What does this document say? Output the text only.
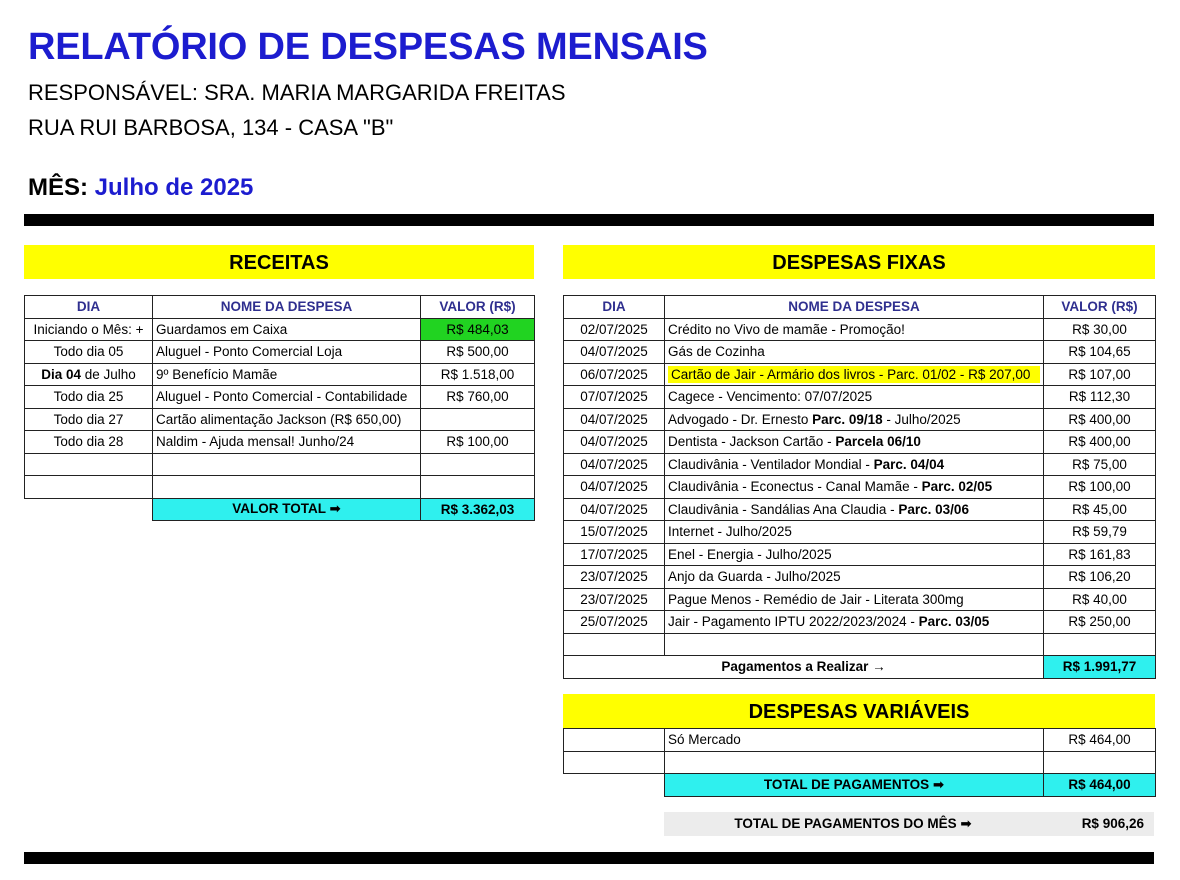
RELATÓRIO DE DESPESAS MENSAIS
RESPONSÁVEL: SRA. MARIA MARGARIDA FREITAS
RUA RUI BARBOSA, 134 - CASA "B"
MÊS: Julho de 2025
RECEITAS
DIA	NOME DA DESPESA	VALOR (R$)
Iniciando o Mês: +	Guardamos em Caixa	R$ 484,03
Todo dia 05	Aluguel - Ponto Comercial Loja	R$ 500,00
Dia 04 de Julho	9º Benefício Mamãe	R$ 1.518,00
Todo dia 25	Aluguel - Ponto Comercial - Contabilidade	R$ 760,00
Todo dia 27	Cartão alimentação Jackson (R$ 650,00)	
Todo dia 28	Naldim - Ajuda mensal! Junho/24	R$ 100,00

	VALOR TOTAL ➡	R$ 3.362,03
DESPESAS FIXAS
DIA	NOME DA DESPESA	VALOR (R$)
02/07/2025	Crédito no Vivo de mamãe - Promoção!	R$ 30,00
04/07/2025	Gás de Cozinha	R$ 104,65
06/07/2025	Cartão de Jair - Armário dos livros - Parc. 01/02 - R$ 207,00	R$ 107,00
07/07/2025	Cagece - Vencimento: 07/07/2025	R$ 112,30
04/07/2025	Advogado - Dr. Ernesto Parc. 09/18 - Julho/2025	R$ 400,00
04/07/2025	Dentista - Jackson Cartão - Parcela 06/10	R$ 400,00
04/07/2025	Claudivânia - Ventilador Mondial - Parc. 04/04	R$ 75,00
04/07/2025	Claudivânia - Econectus - Canal Mamãe - Parc. 02/05	R$ 100,00
04/07/2025	Claudivânia - Sandálias Ana Claudia - Parc. 03/06	R$ 45,00
15/07/2025	Internet - Julho/2025	R$ 59,79
17/07/2025	Enel - Energia - Julho/2025	R$ 161,83
23/07/2025	Anjo da Guarda - Julho/2025	R$ 106,20
23/07/2025	Pague Menos - Remédio de Jair - Literata 300mg	R$ 40,00
25/07/2025	Jair - Pagamento IPTU 2022/2023/2024 - Parc. 03/05	R$ 250,00

Pagamentos a Realizar →		R$ 1.991,77
DESPESAS VARIÁVEIS
	Só Mercado	R$ 464,00

	TOTAL DE PAGAMENTOS ➡	R$ 464,00
TOTAL DE PAGAMENTOS DO MÊS ➡	R$ 906,26
